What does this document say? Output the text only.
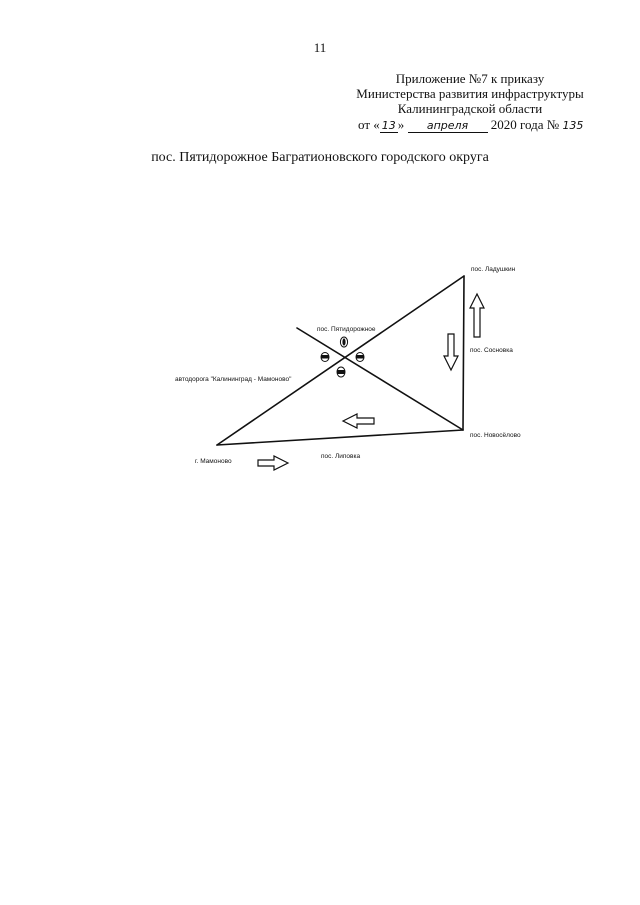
11
Приложение №7 к приказу
Министерства развития инфраструктуры
Калининградской области
от « 13 » апреля 2020 года № 135
пос. Пятидорожное Багратионовского городского округа
пос. Ладушкин
пос. Пятидорожное
пос. Сосновка
автодорога "Калининград - Мамоново"
пос. Новосёлово
г. Мамоново
пос. Липовка
